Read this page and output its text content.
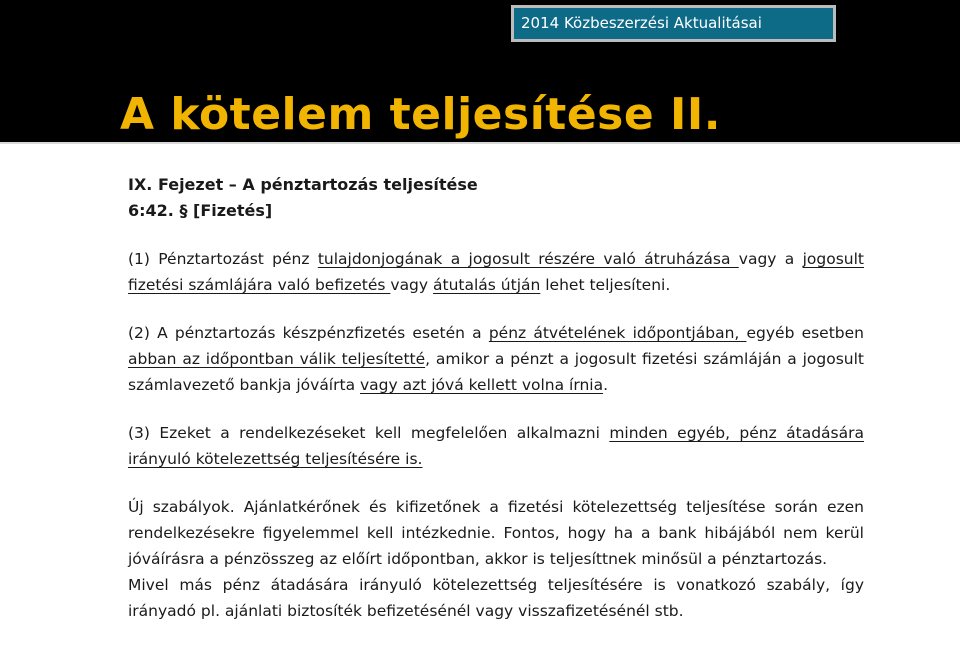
2014 Közbeszerzési Aktualitásai
A kötelem teljesítése II.
IX. Fejezet – A pénztartozás teljesítése
6:42. § [Fizetés]

(1) Pénztartozást pénz tulajdonjogának a jogosult részére való átruházása vagy a jogosult fizetési számlájára való befizetés vagy átutalás útján lehet teljesíteni.

(2) A pénztartozás készpénzfizetés esetén a pénz átvételének időpontjában, egyéb esetben abban az időpontban válik teljesítetté, amikor a pénzt a jogosult fizetési számláján a jogosult számlavezető bankja jóváírta vagy azt jóvá kellett volna írnia.

(3) Ezeket a rendelkezéseket kell megfelelően alkalmazni minden egyéb, pénz átadására irányuló kötelezettség teljesítésére is.

Új szabályok. Ajánlatkérőnek és kifizetőnek a fizetési kötelezettség teljesítése során ezen rendelkezésekre figyelemmel kell intézkednie. Fontos, hogy ha a bank hibájából nem kerül jóváírásra a pénzösszeg az előírt időpontban, akkor is teljesíttnek minősül a pénztartozás.

Mivel más pénz átadására irányuló kötelezettség teljesítésére is vonatkozó szabály, így irányadó pl. ajánlati biztosíték befizetésénél vagy visszafizetésénél stb.
